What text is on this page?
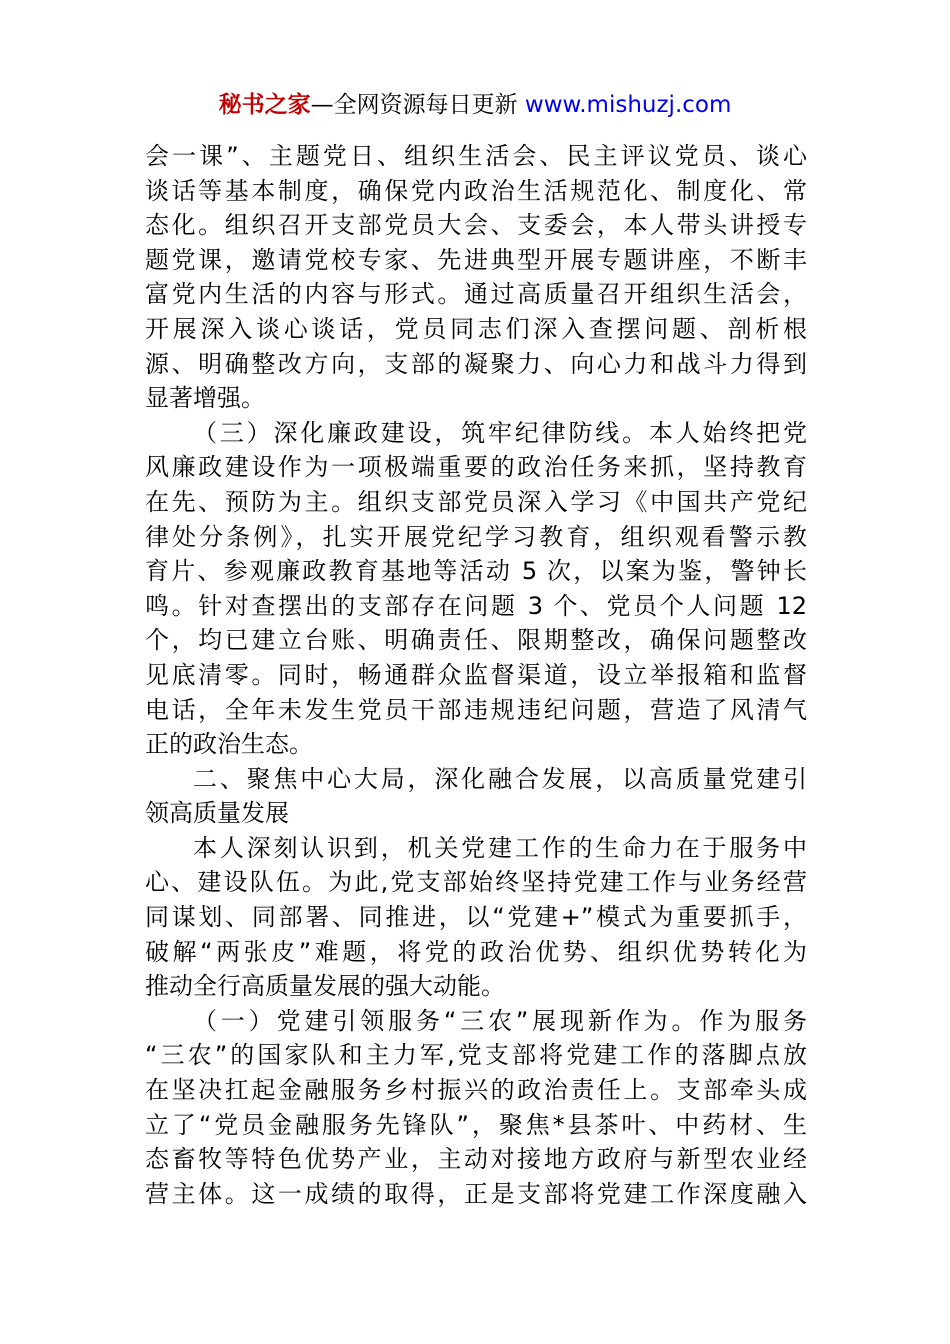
秘书之家—全网资源每日更新 www.mishuzj.com
会一课”、主题党日、组织生活会、民主评议党员、谈心
谈话等基本制度，确保党内政治生活规范化、制度化、常
态化。组织召开支部党员大会、支委会，本人带头讲授专
题党课，邀请党校专家、先进典型开展专题讲座，不断丰
富党内生活的内容与形式。通过高质量召开组织生活会，
开展深入谈心谈话，党员同志们深入查摆问题、剖析根
源、明确整改方向，支部的凝聚力、向心力和战斗力得到
显著增强。
（三）深化廉政建设，筑牢纪律防线。本人始终把党
风廉政建设作为一项极端重要的政治任务来抓，坚持教育
在先、预防为主。组织支部党员深入学习《中国共产党纪
律处分条例》，扎实开展党纪学习教育，组织观看警示教
育片、参观廉政教育基地等活动 5 次，以案为鉴，警钟长
鸣。针对查摆出的支部存在问题 3 个、党员个人问题 12
个，均已建立台账、明确责任、限期整改，确保问题整改
见底清零。同时，畅通群众监督渠道，设立举报箱和监督
电话，全年未发生党员干部违规违纪问题，营造了风清气
正的政治生态。
二、聚焦中心大局，深化融合发展，以高质量党建引
领高质量发展
本人深刻认识到，机关党建工作的生命力在于服务中
心、建设队伍。为此,党支部始终坚持党建工作与业务经营
同谋划、同部署、同推进，以“党建+”模式为重要抓手，
破解“两张皮”难题，将党的政治优势、组织优势转化为
推动全行高质量发展的强大动能。
（一）党建引领服务“三农”展现新作为。作为服务
“三农”的国家队和主力军,党支部将党建工作的落脚点放
在坚决扛起金融服务乡村振兴的政治责任上。支部牵头成
立了“党员金融服务先锋队”，聚焦*县茶叶、中药材、生
态畜牧等特色优势产业，主动对接地方政府与新型农业经
营主体。这一成绩的取得，正是支部将党建工作深度融入
